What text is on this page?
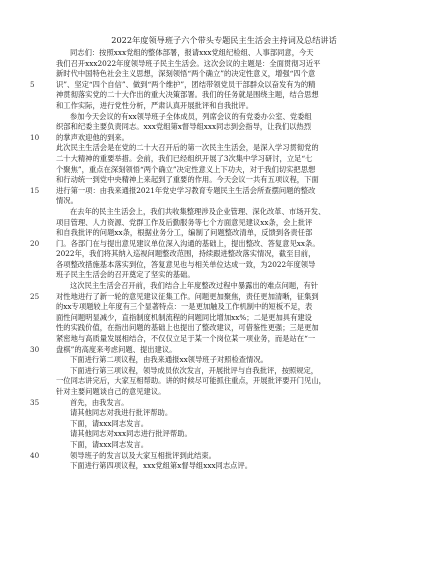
2022年度领导班子六个带头专题民主生活会主持词及总结讲话
同志们：按照xxx党组的整体部署，报请xxx党组纪检组、人事部同意，今天
我们召开xxx2022年度领导班子民主生活会。这次会议的主题是：全面贯彻习近平
新时代中国特色社会主义思想，深刻领悟“两个确立”的决定性意义，增强“四个意
识”、坚定“四个自信”、做到“两个维护”，团结带领党员干部群众以奋发有为的精
神贯彻落实党的二十大作出的重大决策部署。我们的任务就是围绕主题，结合思想
和工作实际，进行党性分析，严肃认真开展批评和自我批评。
参加今天会议的有xx领导班子全体成员，列席会议的有党委办公室、党委组
织部和纪委主要负责同志。xxx党组第x督导组xxx同志到会指导，让我们以热烈
的掌声欢迎他的到来。
此次民主生活会是在党的二十大召开后的第一次民主生活会，是深入学习贯彻党的
二十大精神的重要举措。会前，我们已经组织开展了3次集中学习研讨，立足“七
个聚焦”，重点在深刻领悟“两个确立”决定性意义上下功夫，对于我们切实把思想
和行动统一到党中央精神上来起到了重要的作用。今天会议一共有五项议程，下面
进行第一项：由我来通报2021年党史学习教育专题民主生活会所查摆问题的整改
情况。
在去年的民主生活会上，我们共收集整理涉及企业管理、深化改革、市场开发、
项目管理、人力资源、党群工作及后勤服务等七个方面意见建议xx条，会上批评
和自我批评的问题xx条，根据业务分工，编制了问题整改清单，反馈到各责任部
门。各部门在与提出意见建议单位深入沟通的基础上，提出整改、答复意见xx条。
2022年，我们将其纳入巡视问题整改范围，持续跟进整改落实情况，截至目前，
各项整改措施基本落实到位，答复意见也与相关单位达成一致，为2022年度领导
班子民主生活会的召开奠定了坚实的基础。
这次民主生活会召开前，我们结合上年度整改过程中暴露出的难点问题，有针
对性地进行了新一轮的意见建议征集工作。问题更加聚焦，责任更加清晰，征集到
的xx专项题较上年度有三个显著特点：一是更加触及工作机制中的短板不足，表
面性问题明显减少，直指制度机制流程的问题同比增加xx%；二是更加具有建设
性的实践价值，在指出问题的基础上也提出了整改建议，可借鉴性更强；三是更加
紧密地与高质量发展相结合，不仅仅立足于某一个岗位某一项业务，而是站在“一
盘棋”的高度来考虑问题、提出建议。
下面进行第二项议程，由我来通报xx领导班子对照检查情况。
下面进行第三项议程，领导成员依次发言，开展批评与自我批评，按照规定，
一位同志讲完后，大家互相帮助。讲的时候尽可能抓住重点，开展批评要开门见山，
针对主要问题谈自己的意见建议。
首先，由我发言。
请其他同志对我进行批评帮助。
下面，请xxx同志发言。
请其他同志对xxx同志进行批评帮助。
下面，请xxx同志发言。
领导班子的发言以及大家互相批评到此结束。
下面进行第四项议程，xxx党组第x督导组xxx同志点评。
5
10
15
20
25
30
35
40
